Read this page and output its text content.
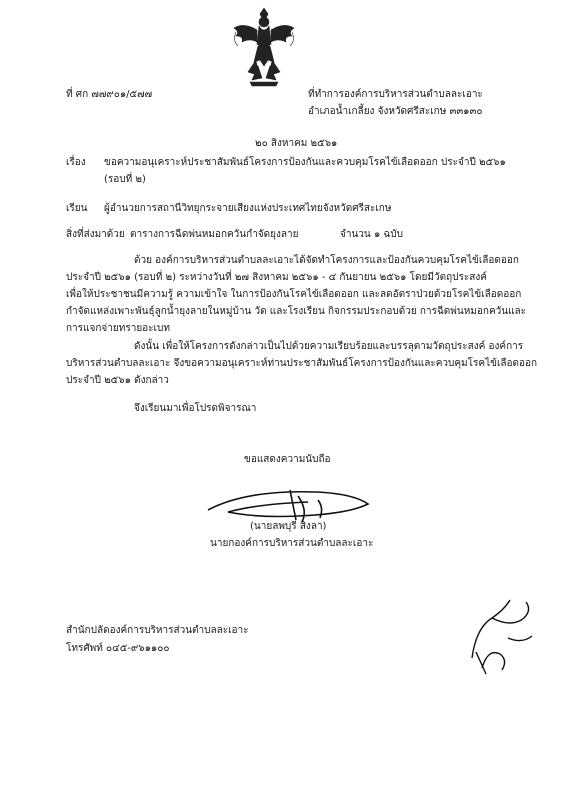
ที่ ศก ๗๗๙๐๑/๕๗๗	ที่ทำการองค์การบริหารส่วนตำบลละเอาะ
อำเภอน้ำเกลี้ยง จังหวัดศรีสะเกษ ๓๓๑๓๐
๒๐ สิงหาคม ๒๕๖๑
เรื่อง ขอความอนุเคราะห์ประชาสัมพันธ์โครงการป้องกันและควบคุมโรคไข้เลือดออก ประจำปี ๒๕๖๑
(รอบที่ ๒)
เรียน ผู้อำนวยการสถานีวิทยุกระจายเสียงแห่งประเทศไทยจังหวัดศรีสะเกษ
สิ่งที่ส่งมาด้วย ตารางการฉีดพ่นหมอกควันกำจัดยุงลาย	จำนวน ๑ ฉบับ
ด้วย องค์การบริหารส่วนตำบลละเอาะได้จัดทำโครงการและป้องกันควบคุมโรคไข้เลือดออก
ประจำปี ๒๕๖๑ (รอบที่ ๒) ระหว่างวันที่ ๒๗ สิงหาคม ๒๕๖๑ - ๔ กันยายน ๒๕๖๑ โดยมีวัตถุประสงค์
เพื่อให้ประชาชนมีความรู้ ความเข้าใจ ในการป้องกันโรคไข้เลือดออก และลดอัตราป่วยด้วยโรคไข้เลือดออก
กำจัดแหล่งเพาะพันธุ์ลูกน้ำยุงลายในหมู่บ้าน วัด และโรงเรียน กิจกรรมประกอบด้วย การฉีดพ่นหมอกควันและ
การแจกจ่ายทรายอะเบท
ดังนั้น เพื่อให้โครงการดังกล่าวเป็นไปด้วยความเรียบร้อยและบรรลุตามวัตถุประสงค์ องค์การ
บริหารส่วนตำบลละเอาะ จึงขอความอนุเคราะห์ท่านประชาสัมพันธ์โครงการป้องกันและควบคุมโรคไข้เลือดออก
ประจำปี ๒๕๖๑ ดังกล่าว
จึงเรียนมาเพื่อโปรดพิจารณา
ขอแสดงความนับถือ
(นายลพบุรี สิงลา)
นายกองค์การบริหารส่วนตำบลละเอาะ
สำนักปลัดองค์การบริหารส่วนตำบลละเอาะ
โทรศัพท์ ๐๔๕-๙๖๑๑๐๐
